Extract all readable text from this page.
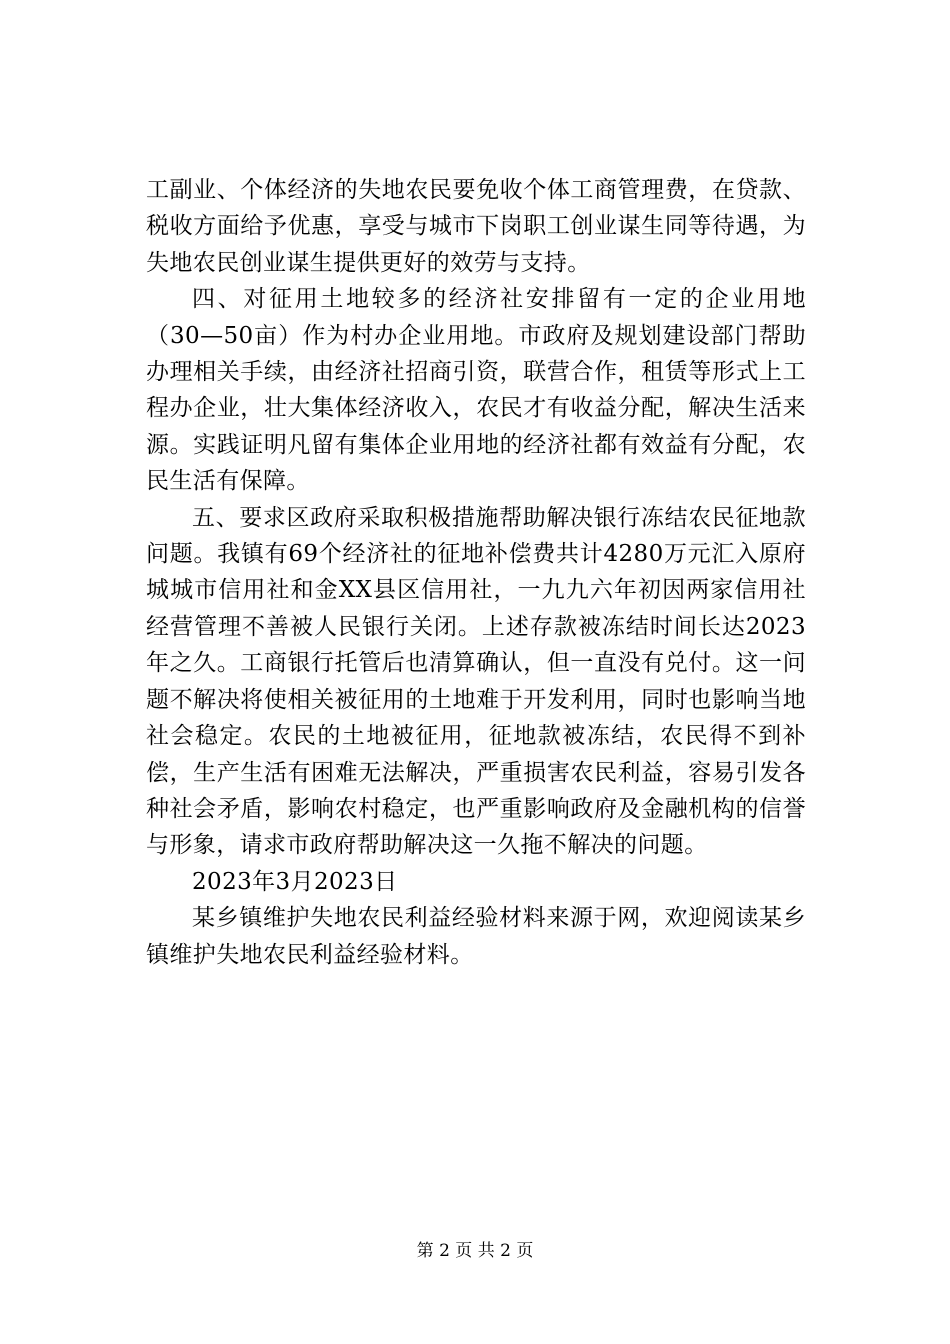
工副业、个体经济的失地农民要免收个体工商管理费，在贷款、税收方面给予优惠，享受与城市下岗职工创业谋生同等待遇，为失地农民创业谋生提供更好的效劳与支持。

四、对征用土地较多的经济社安排留有一定的企业用地（30—50亩）作为村办企业用地。市政府及规划建设部门帮助办理相关手续，由经济社招商引资，联营合作，租赁等形式上工程办企业，壮大集体经济收入，农民才有收益分配，解决生活来源。实践证明凡留有集体企业用地的经济社都有效益有分配，农民生活有保障。

五、要求区政府采取积极措施帮助解决银行冻结农民征地款问题。我镇有69个经济社的征地补偿费共计4280万元汇入原府城城市信用社和金XX县区信用社，一九九六年初因两家信用社经营管理不善被人民银行关闭。上述存款被冻结时间长达2023年之久。工商银行托管后也清算确认，但一直没有兑付。这一问题不解决将使相关被征用的土地难于开发利用，同时也影响当地社会稳定。农民的土地被征用，征地款被冻结，农民得不到补偿，生产生活有困难无法解决，严重损害农民利益，容易引发各种社会矛盾，影响农村稳定，也严重影响政府及金融机构的信誉与形象，请求市政府帮助解决这一久拖不解决的问题。

2023年3月2023日

某乡镇维护失地农民利益经验材料来源于网，欢迎阅读某乡镇维护失地农民利益经验材料。

第 2 页 共 2 页
